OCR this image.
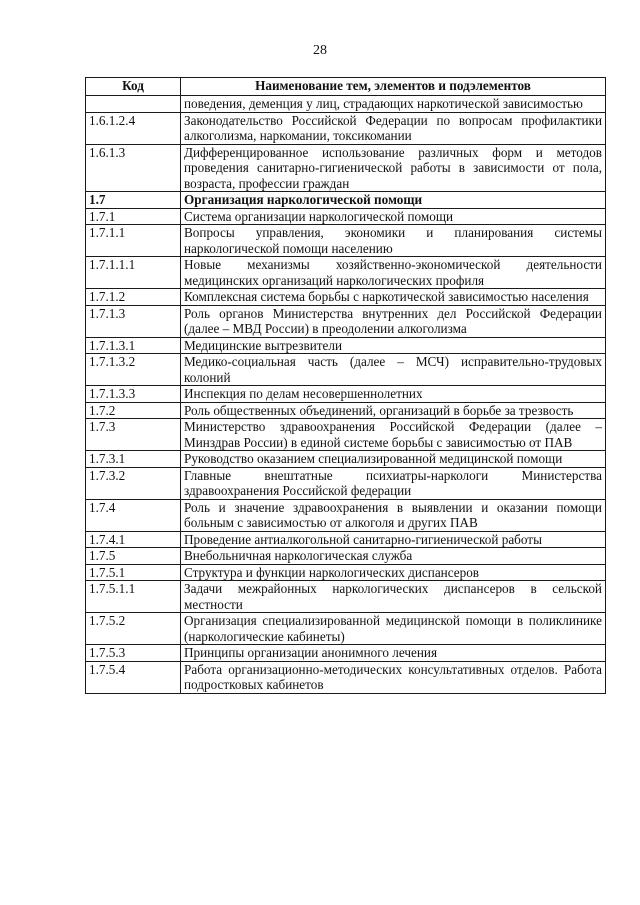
28
Код	Наименование тем, элементов и подэлементов
	поведения, деменция у лиц, страдающих наркотической зависимостью
1.6.1.2.4	Законодательство Российской Федерации по вопросам профилактики алкоголизма, наркомании, токсикомании
1.6.1.3	Дифференцированное использование различных форм и методов проведения санитарно-гигиенической работы в зависимости от пола, возраста, профессии граждан
1.7	Организация наркологической помощи
1.7.1	Система организации наркологической помощи
1.7.1.1	Вопросы управления, экономики и планирования системы наркологической помощи населению
1.7.1.1.1	Новые механизмы хозяйственно-экономической деятельности медицинских организаций наркологических профиля
1.7.1.2	Комплексная система борьбы с наркотической зависимостью населения
1.7.1.3	Роль органов Министерства внутренних дел Российской Федерации (далее – МВД России) в преодолении алкоголизма
1.7.1.3.1	Медицинские вытрезвители
1.7.1.3.2	Медико-социальная часть (далее – МСЧ) исправительно-трудовых колоний
1.7.1.3.3	Инспекция по делам несовершеннолетних
1.7.2	Роль общественных объединений, организаций в борьбе за трезвость
1.7.3	Министерство здравоохранения Российской Федерации (далее – Минздрав России) в единой системе борьбы с зависимостью от ПАВ
1.7.3.1	Руководство оказанием специализированной медицинской помощи
1.7.3.2	Главные внештатные психиатры-наркологи Министерства здравоохранения Российской федерации
1.7.4	Роль и значение здравоохранения в выявлении и оказании помощи больным с зависимостью от алкоголя и других ПАВ
1.7.4.1	Проведение антиалкогольной санитарно-гигиенической работы
1.7.5	Внебольничная наркологическая служба
1.7.5.1	Структура и функции наркологических диспансеров
1.7.5.1.1	Задачи межрайонных наркологических диспансеров в сельской местности
1.7.5.2	Организация специализированной медицинской помощи в поликлинике (наркологические кабинеты)
1.7.5.3	Принципы организации анонимного лечения
1.7.5.4	Работа организационно-методических консультативных отделов. Работа подростковых кабинетов
